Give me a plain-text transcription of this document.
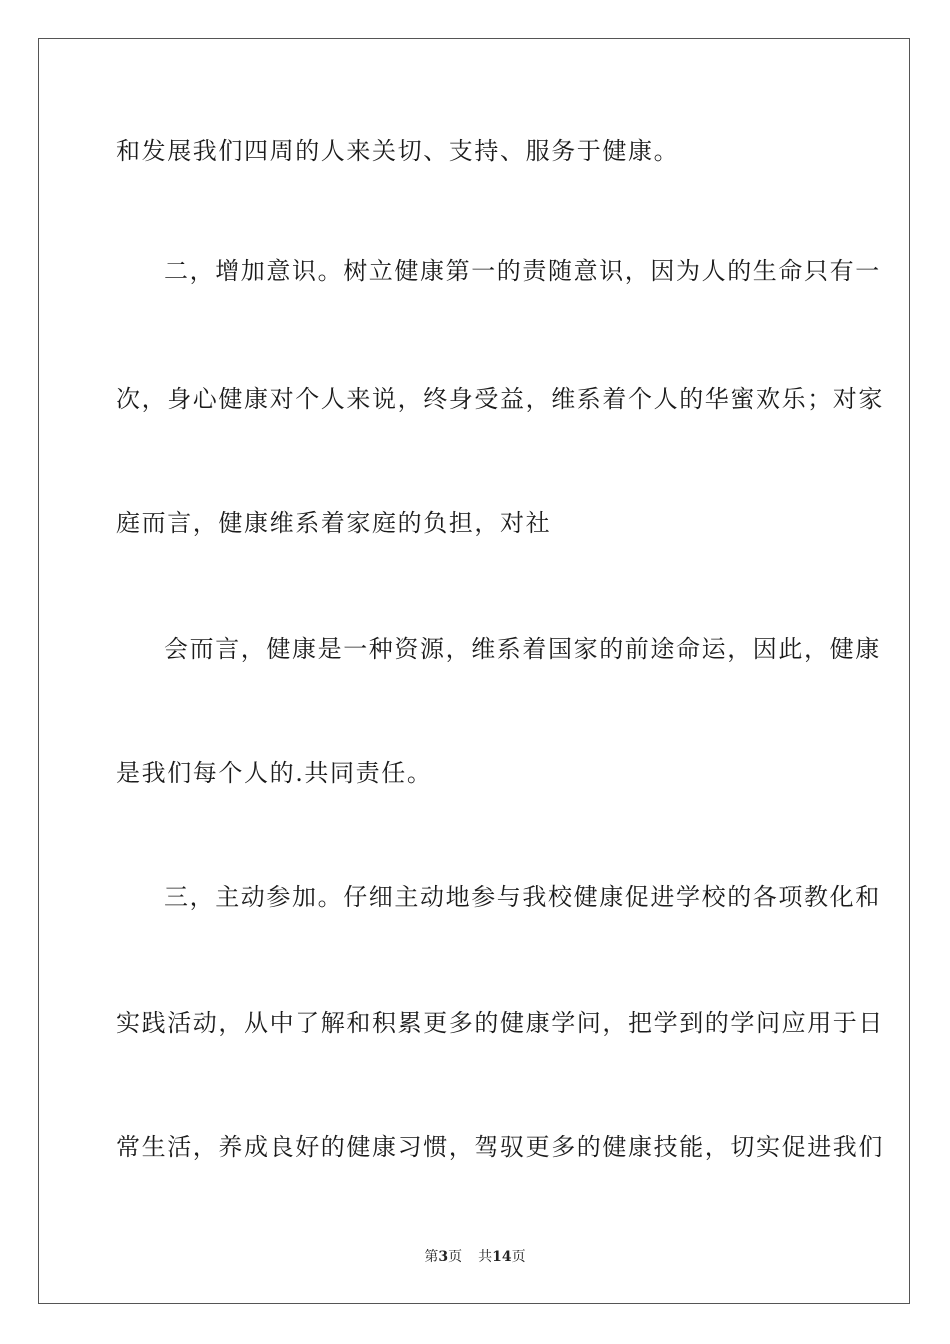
和发展我们四周的人来关切、支持、服务于健康。
二，增加意识。树立健康第一的责随意识，因为人的生命只有一
次，身心健康对个人来说，终身受益，维系着个人的华蜜欢乐；对家
庭而言，健康维系着家庭的负担，对社
会而言，健康是一种资源，维系着国家的前途命运，因此，健康
是我们每个人的.共同责任。
三，主动参加。仔细主动地参与我校健康促进学校的各项教化和
实践活动，从中了解和积累更多的健康学问，把学到的学问应用于日
常生活，养成良好的健康习惯，驾驭更多的健康技能，切实促进我们
第3页 共14页
